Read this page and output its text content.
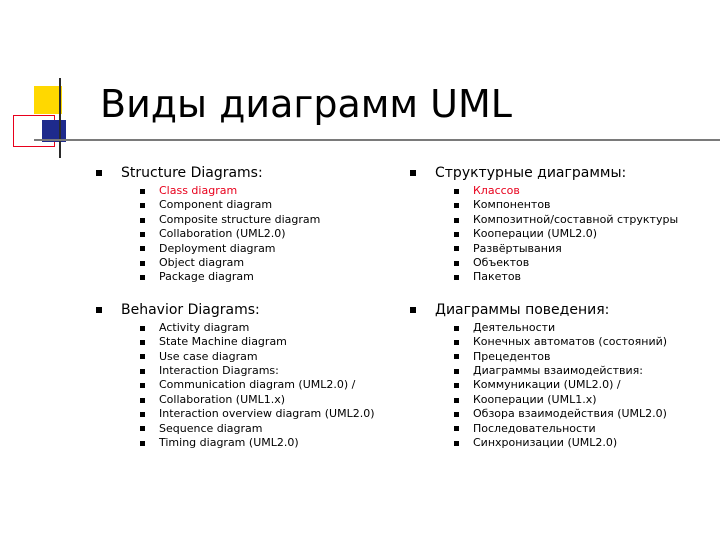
Виды диаграмм UML
Structure Diagrams:
Class diagram
Component diagram
Composite structure diagram
Collaboration (UML2.0)
Deployment diagram
Object diagram
Package diagram
Behavior Diagrams:
Activity diagram
State Machine diagram
Use case diagram
Interaction Diagrams:
Communication diagram (UML2.0) /
Collaboration (UML1.x)
Interaction overview diagram (UML2.0)
Sequence diagram
Timing diagram (UML2.0)
Структурные диаграммы:
Классов
Компонентов
Композитной/составной структуры
Кооперации (UML2.0)
Развёртывания
Объектов
Пакетов
Диаграммы поведения:
Деятельности
Конечных автоматов (состояний)
Прецедентов
Диаграммы взаимодействия:
Коммуникации (UML2.0) /
Кооперации (UML1.x)
Обзора взаимодействия (UML2.0)
Последовательности
Синхронизации (UML2.0)
